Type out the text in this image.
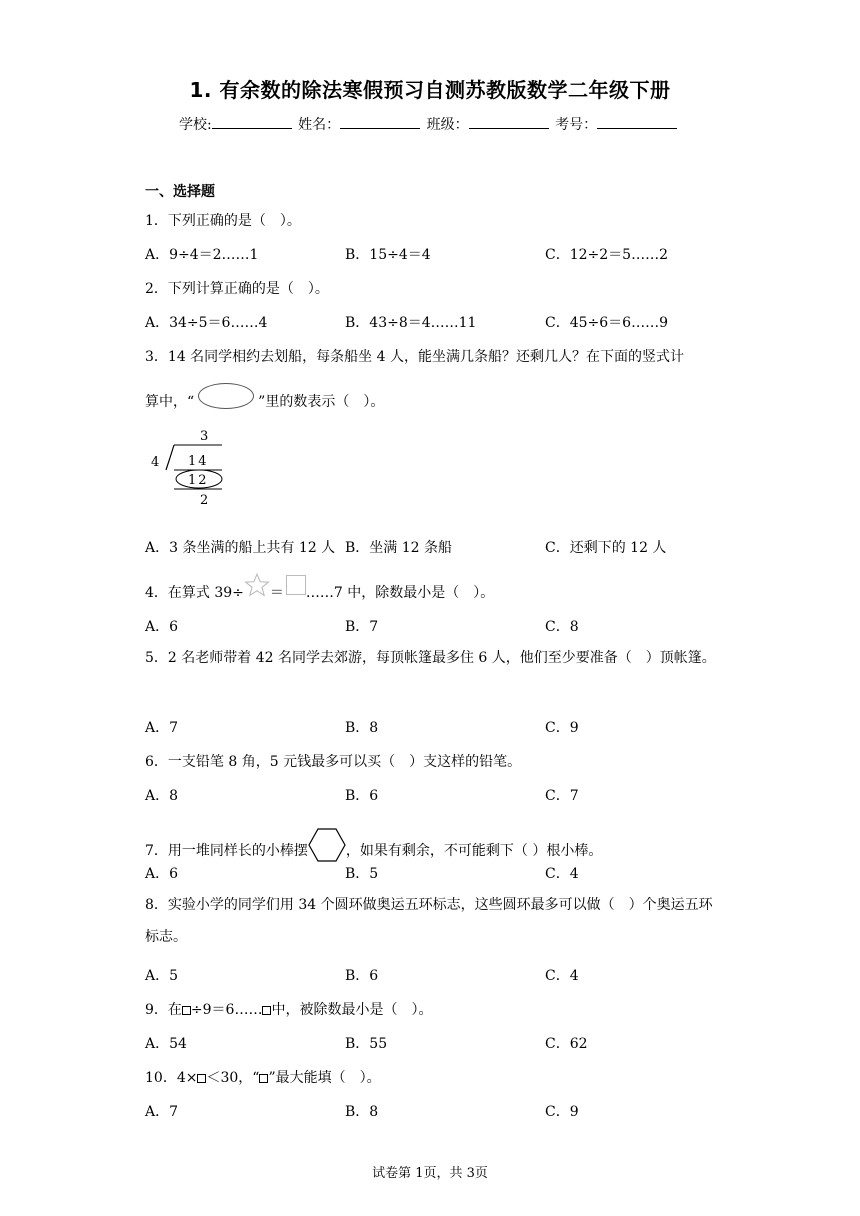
1. 有余数的除法寒假预习自测苏教版数学二年级下册
学校:	姓名：	班级：	考号：
一、选择题
1．下列正确的是（　）。
A．9÷4＝2……1	B．15÷4＝4	C．12÷2＝5……2
2．下列计算正确的是（　）。
A．34÷5＝6……4	B．43÷8＝4……11	C．45÷6＝6……9
3．14 名同学相约去划船，每条船坐 4 人，能坐满几条船？还剩几人？在下面的竖式计
算中，“	”里的数表示（　）。
3
4 14
12
2
A．3 条坐满的船上共有 12 人 B．坐满 12 条船	C．还剩下的 12 人
4．在算式 39÷ ＝ ……7 中，除数最小是（　）。
A．6	B．7	C．8
5．2 名老师带着 42 名同学去郊游，每顶帐篷最多住 6 人，他们至少要准备（　）顶帐篷。
A．7	B．8	C．9
6．一支铅笔 8 角，5 元钱最多可以买（　）支这样的铅笔。
A．8	B．6	C．7
7．用一堆同样长的小棒摆	，如果有剩余，不可能剩下（ ）根小棒。
A．6	B．5	C．4
8．实验小学的同学们用 34 个圆环做奥运五环标志，这些圆环最多可以做（　）个奥运五环标志。
A．5	B．6	C．4
9．在 ÷9＝6…… 中，被除数最小是（　）。
A．54	B．55	C．62
10．4× ＜30，“ ”最大能填（　）。
A．7	B．8	C．9
试卷第 1页，共 3页
